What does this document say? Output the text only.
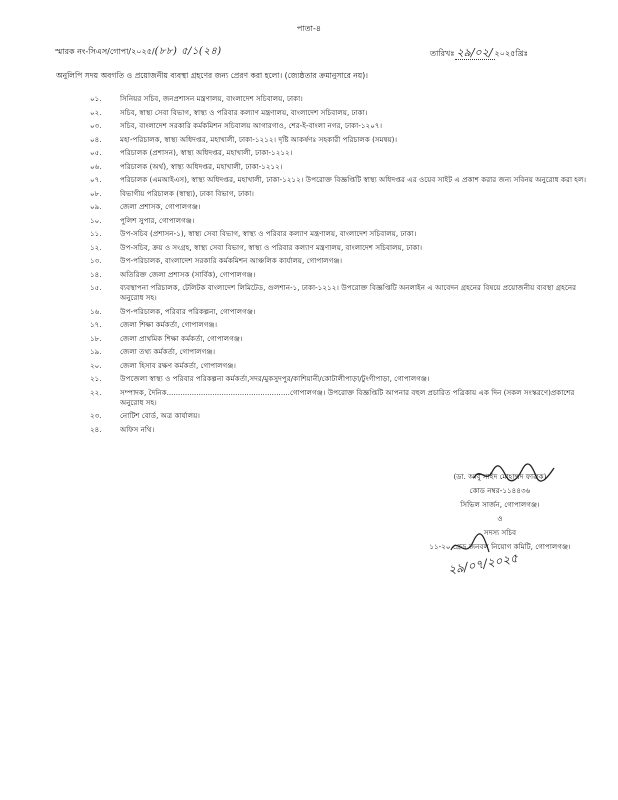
পাতা-৪
স্মারক নং-সিএস/গোপা/২০২৫/(৮৮) ৫/১(২৪)	তারিখঃ ২৯/০২/ ২০২৫খ্রিঃ
অনুলিপি সদয় অবগতি ও প্রয়োজনীয় ব্যবস্থা গ্রহণের জন্য প্রেরণ করা হলো। (জ্যেষ্ঠতার ক্রমানুসারে নয়)।
০১.	সিনিয়র সচিব, জনপ্রশাসন মন্ত্রণালয়, বাংলাদেশ সচিবালয়, ঢাকা।
০২.	সচিব, স্বাস্থ্য সেবা বিভাগ, স্বাস্থ্য ও পরিবার কল্যাণ মন্ত্রণালয়, বাংলাদেশ সচিবালয়, ঢাকা।
০৩.	সচিব, বাংলাদেশ সরকারি কর্মকমিশন সচিবালয় আগারগাও, শের-ই-বাংলা নগর, ঢাকা-১২০৭।
০৪.	মহা-পরিচালক, স্বাস্থ্য অধিদপ্তর, মহাখালী, ঢাকা-১২১২। দৃষ্টি আকর্ষণঃ সহকারী পরিচালক (সমন্বয়)।
০৫.	পরিচালক (প্রশাসন), স্বাস্থ্য অধিদপ্তর, মহাখালী, ঢাকা-১২১২।
০৬.	পরিচালক (অর্থ), স্বাস্থ্য অধিদপ্তর, মহাখালী, ঢাকা-১২১২।
০৭.	পরিচালক (এমআইএস), স্বাস্থ্য অধিদপ্তর, মহাখালী, ঢাকা-১২১২। উপরোক্ত বিজ্ঞপ্তিটি স্বাস্থ্য অধিদপ্তর এর ওয়েব সাইট এ প্রকাশ করার জন্য সবিনয় অনুরোধ করা হল।
০৮.	বিভাগীয় পরিচালক (স্বাস্থ্য), ঢাকা বিভাগ, ঢাকা।
০৯.	জেলা প্রশাসক, গোপালগঞ্জ।
১০.	পুলিশ সুপার, গোপালগঞ্জ।
১১.	উপ-সচিব (প্রশাসন-১), স্বাস্থ্য সেবা বিভাগ, স্বাস্থ্য ও পরিবার কল্যাণ মন্ত্রণালয়, বাংলাদেশ সচিবালয়, ঢাকা।
১২.	উপ-সচিব, ক্রয় ও সংগ্রহ, স্বাস্থ্য সেবা বিভাগ, স্বাস্থ্য ও পরিবার কল্যাণ মন্ত্রণালয়, বাংলাদেশ সচিবালয়, ঢাকা।
১৩.	উপ-পরিচালক, বাংলাদেশ সরকারি কর্মকমিশন আঞ্চলিক কার্যালয়, গোপালগঞ্জ।
১৪.	অতিরিক্ত জেলা প্রশাসক (সার্বিক), গোপালগঞ্জ।
১৫.	ব্যবস্থাপনা পরিচালক, টেলিটক বাংলাদেশ লিমিটেড, গুলশান-১, ঢাকা-১২১২। উপরোক্ত বিজ্ঞপ্তিটি অনলাইন এ আবেদন গ্রহনের বিষয়ে প্রয়োজনীয় ব্যবস্থা গ্রহনের অনুরোধ সহ।
১৬.	উপ-পরিচালক, পরিবার পরিকল্পনা, গোপালগঞ্জ।
১৭.	জেলা শিক্ষা কর্মকর্তা, গোপালগঞ্জ।
১৮.	জেলা প্রাথমিক শিক্ষা কর্মকর্তা, গোপালগঞ্জ।
১৯.	জেলা তথ্য কর্মকর্তা, গোপালগঞ্জ।
২০.	জেলা হিসাব রক্ষণ কর্মকর্তা, গোপালগঞ্জ।
২১.	উপজেলা স্বাস্থ্য ও পরিবার পরিকল্পনা কর্মকর্তা,সদর/মুকসুদপুর/কাশিয়ানী/কোটালীপাড়া/টুংগীপাড়া, গোপালগঞ্জ।
২২.	সম্পাদক, দৈনিক......................................................গোপালগঞ্জ। উপরোক্ত বিজ্ঞপ্তিটি আপনার বহুল প্রচারিত পত্রিকায় এক দিন (সকল সংস্করণে)প্রকাশের অনুরোধ সহ।
২৩.	নোটিশ বোর্ড, অত্র কার্যালয়।
২৪.	অফিস নথি।
(ডা. আবু সাইদ মোহাম্মদ ফারুক)
কোড নম্বর-১১৪৪৩৬
সিভিল সার্জন, গোপালগঞ্জ।
ও
সদস্য সচিব
১১-২০ গ্রেড জনবল নিয়োগ কমিটি, গোপালগঞ্জ।
২৯/০৭/২০২৫
